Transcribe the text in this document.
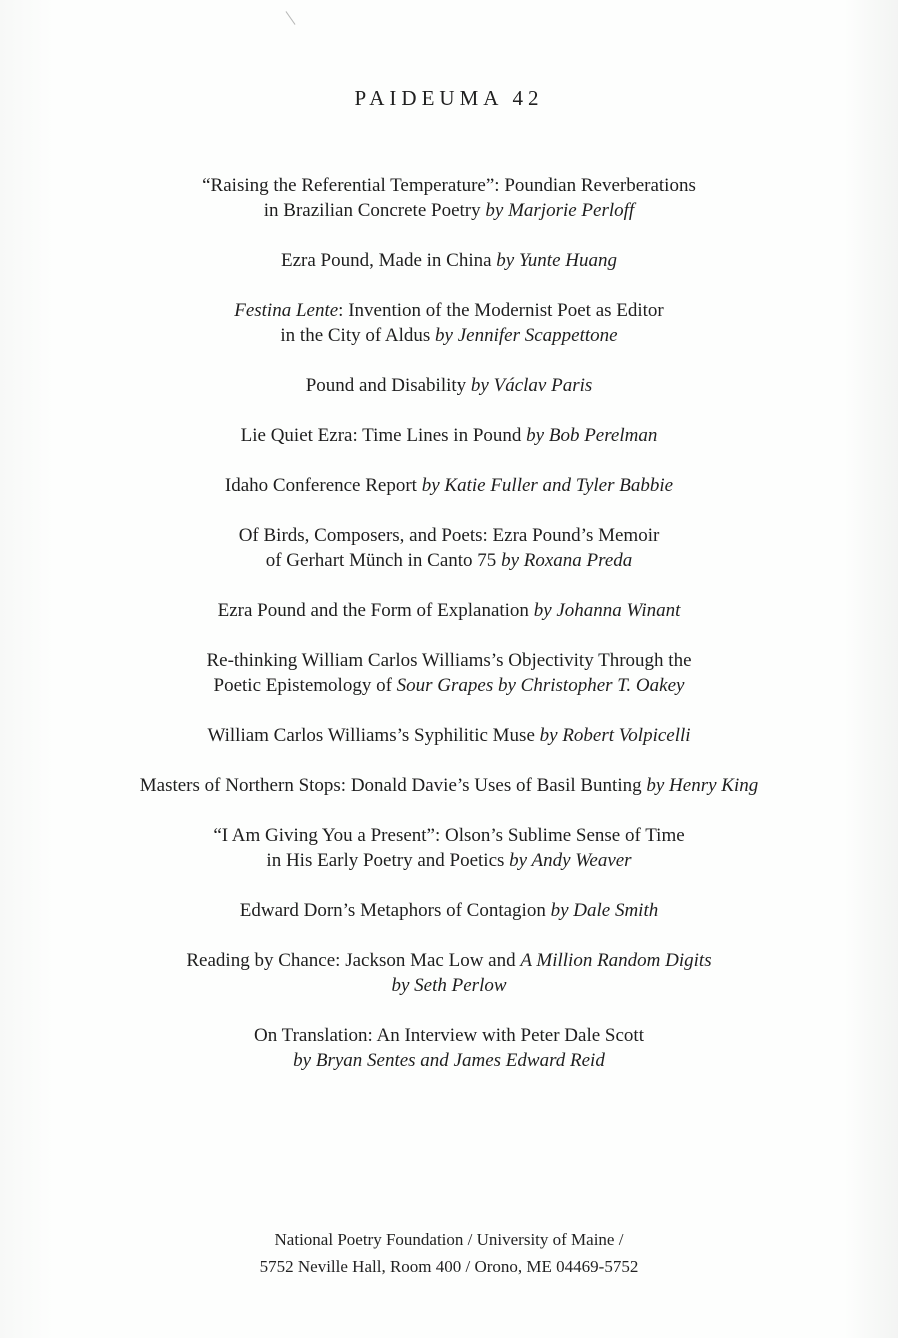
PAIDEUMA 42
“Raising the Referential Temperature”: Poundian Reverberations
in Brazilian Concrete Poetry by Marjorie Perloff
Ezra Pound, Made in China by Yunte Huang
Festina Lente: Invention of the Modernist Poet as Editor
in the City of Aldus by Jennifer Scappettone
Pound and Disability by Václav Paris
Lie Quiet Ezra: Time Lines in Pound by Bob Perelman
Idaho Conference Report by Katie Fuller and Tyler Babbie
Of Birds, Composers, and Poets: Ezra Pound’s Memoir
of Gerhart Münch in Canto 75 by Roxana Preda
Ezra Pound and the Form of Explanation by Johanna Winant
Re-thinking William Carlos Williams’s Objectivity Through the
Poetic Epistemology of Sour Grapes by Christopher T. Oakey
William Carlos Williams’s Syphilitic Muse by Robert Volpicelli
Masters of Northern Stops: Donald Davie’s Uses of Basil Bunting by Henry King
“I Am Giving You a Present”: Olson’s Sublime Sense of Time
in His Early Poetry and Poetics by Andy Weaver
Edward Dorn’s Metaphors of Contagion by Dale Smith
Reading by Chance: Jackson Mac Low and A Million Random Digits
by Seth Perlow
On Translation: An Interview with Peter Dale Scott
by Bryan Sentes and James Edward Reid
National Poetry Foundation / University of Maine /
5752 Neville Hall, Room 400 / Orono, ME 04469-5752
